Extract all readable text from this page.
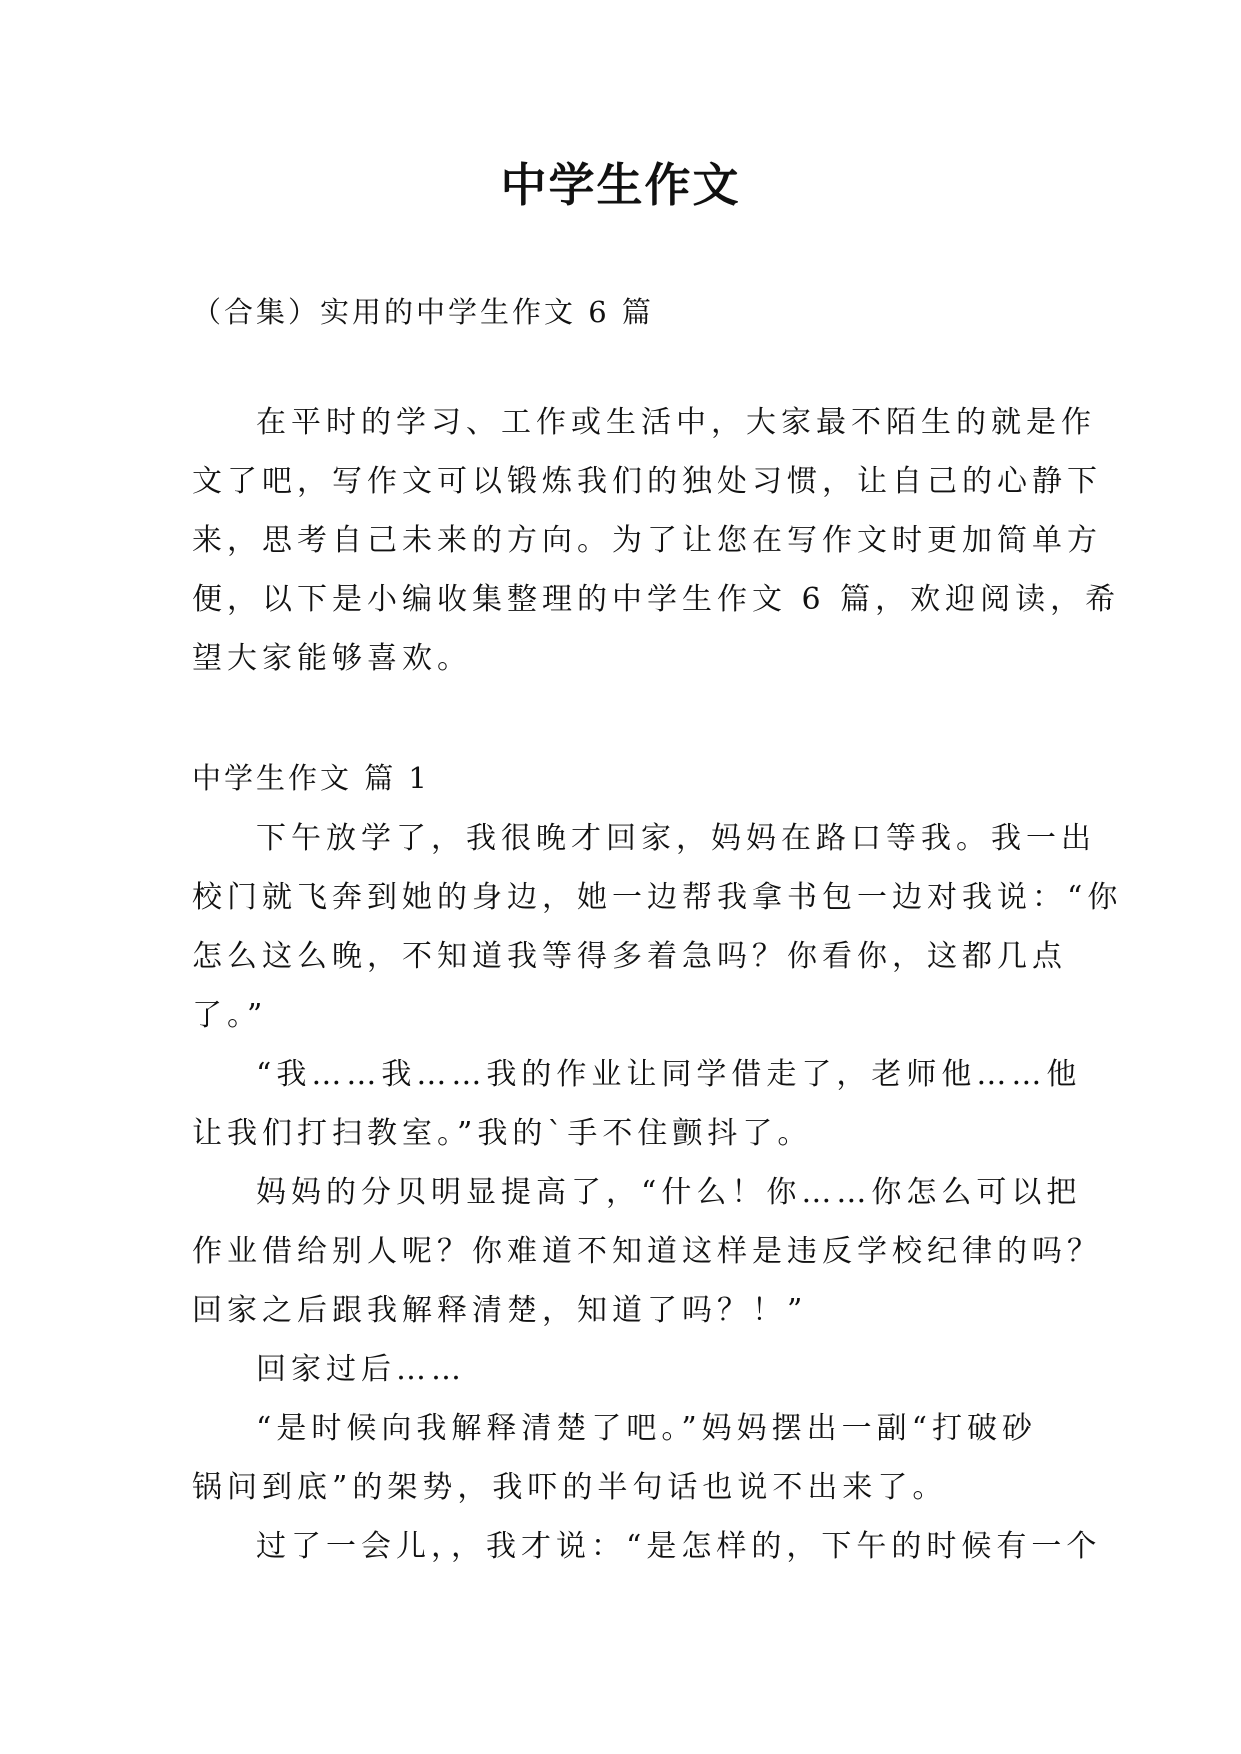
中学生作文
（合集）实用的中学生作文 6 篇
在平时的学习、工作或生活中，大家最不陌生的就是作
文了吧，写作文可以锻炼我们的独处习惯，让自己的心静下
来，思考自己未来的方向。为了让您在写作文时更加简单方
便，以下是小编收集整理的中学生作文 6 篇，欢迎阅读，希
望大家能够喜欢。
中学生作文 篇 1
下午放学了，我很晚才回家，妈妈在路口等我。我一出
校门就飞奔到她的身边，她一边帮我拿书包一边对我说：“你
怎么这么晚，不知道我等得多着急吗？你看你，这都几点
了。”
“我……我……我的作业让同学借走了，老师他……他
让我们打扫教室。”我的`手不住颤抖了。
妈妈的分贝明显提高了，“什么！你……你怎么可以把
作业借给别人呢？你难道不知道这样是违反学校纪律的吗？
回家之后跟我解释清楚，知道了吗？！”
回家过后……
“是时候向我解释清楚了吧。”妈妈摆出一副“打破砂
锅问到底”的架势，我吓的半句话也说不出来了。
过了一会儿，，我才说：“是怎样的，下午的时候有一个
